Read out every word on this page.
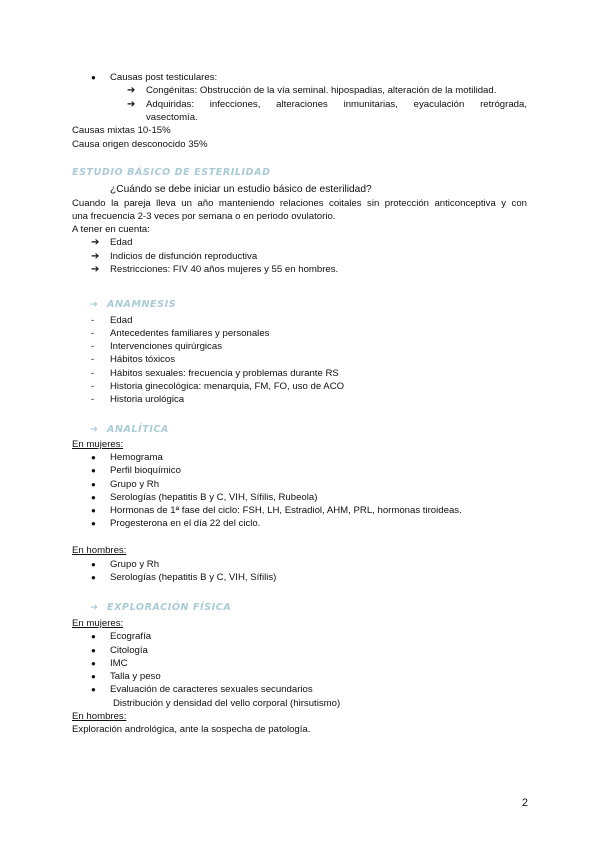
● Causas post testiculares:
➔ Congénitas: Obstrucción de la vía seminal. hipospadias, alteración de la motilidad.
➔ Adquiridas: infecciones, alteraciones inmunitarias, eyaculación retrógrada,
vasectomía.
Causas mixtas 10-15%
Causa origen desconocido 35%
ESTUDIO BÁSICO DE ESTERILIDAD
¿Cuándo se debe iniciar un estudio básico de esterilidad?
Cuando la pareja lleva un año manteniendo relaciones coitales sin protección anticonceptiva y con
una frecuencia 2-3 veces por semana o en periodo ovulatorio.
A tener en cuenta:
➔ Edad
➔ Indicios de disfunción reproductiva
➔ Restricciones: FIV 40 años mujeres y 55 en hombres.
➔ ANAMNESIS
- Edad
- Antecedentes familiares y personales
- Intervenciones quirúrgicas
- Hábitos tóxicos
- Hábitos sexuales: frecuencia y problemas durante RS
- Historia ginecológica: menarquia, FM, FO, uso de ACO
- Historia urológica
➔ ANALÍTICA
En mujeres:
● Hemograma
● Perfil bioquímico
● Grupo y Rh
● Serologías (hepatitis B y C, VIH, Sífilis, Rubeola)
● Hormonas de 1ª fase del ciclo: FSH, LH, Estradiol, AHM, PRL, hormonas tiroideas.
● Progesterona en el día 22 del ciclo.
En hombres:
● Grupo y Rh
● Serologías (hepatitis B y C, VIH, Sífilis)
➔ EXPLORACIÓN FÍSICA
En mujeres:
● Ecografía
● Citología
● IMC
● Talla y peso
● Evaluación de caracteres sexuales secundarios
Distribución y densidad del vello corporal (hirsutismo)
En hombres:
Exploración andrológica, ante la sospecha de patología.
2
